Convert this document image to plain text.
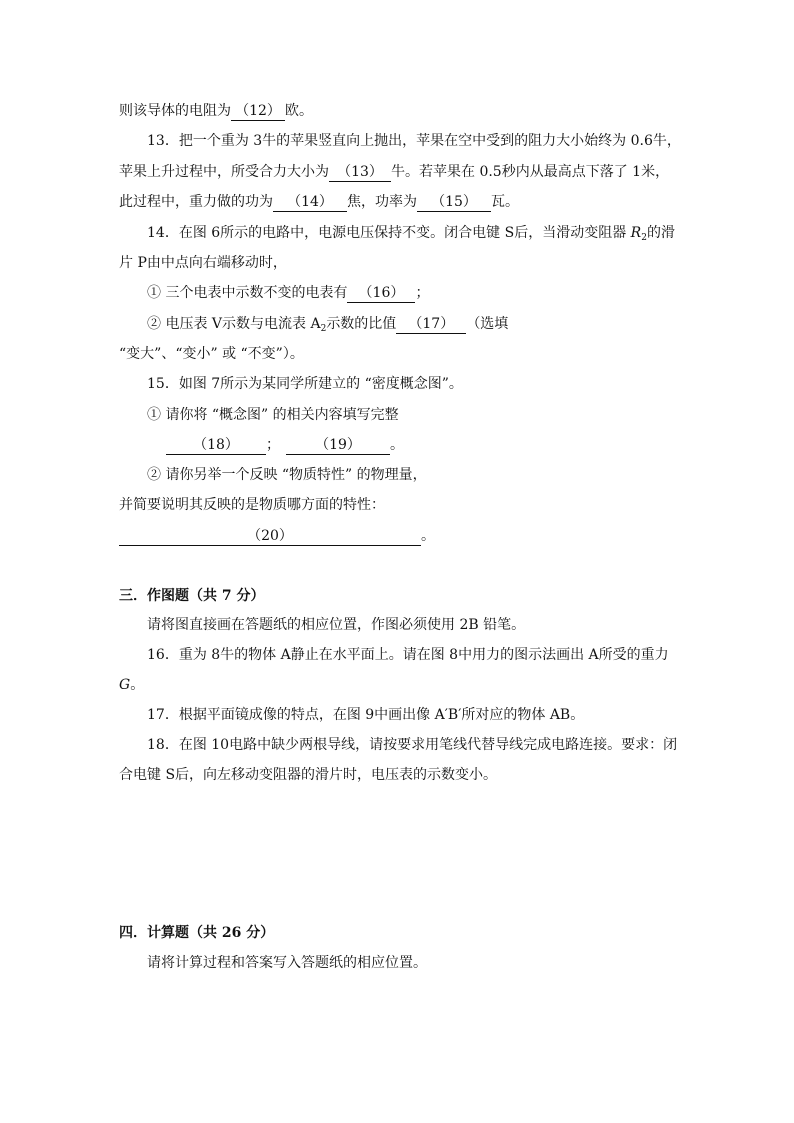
则该导体的电阻为 （12） 欧。
13．把一个重为 3牛的苹果竖直向上抛出，苹果在空中受到的阻力大小始终为 0.6牛，
苹果上升过程中，所受合力大小为 （13） 牛。若苹果在 0.5秒内从最高点下落了 1米，
此过程中，重力做的功为 （14） 焦，功率为 （15） 瓦。
14．在图 6所示的电路中，电源电压保持不变。闭合电键 S后，当滑动变阻器 $R_2$的滑
片 P由中点向右端移动时，
① 三个电表中示数不变的电表有 （16） ；
② 电压表 V示数与电流表 $A_2$示数的比值 （17） （选填
“变大”、“变小” 或 “不变”）。
15．如图 7所示为某同学所建立的 “密度概念图”。
① 请你将 “概念图” 的相关内容填写完整
（18） ；	（19） 。
② 请你另举一个反映 “物质特性” 的物理量，
并简要说明其反映的是物质哪方面的特性：
（20）	。
三．作图题（共 7 分）
请将图直接画在答题纸的相应位置，作图必须使用 2B 铅笔。
16．重为 8牛的物体 A静止在水平面上。请在图 8中用力的图示法画出 A所受的重力
G。
17．根据平面镜成像的特点，在图 9中画出像 A′B′所对应的物体 AB。
18．在图 10电路中缺少两根导线，请按要求用笔线代替导线完成电路连接。要求：闭
合电键 S后，向左移动变阻器的滑片时，电压表的示数变小。
四．计算题（共 26 分）
请将计算过程和答案写入答题纸的相应位置。
